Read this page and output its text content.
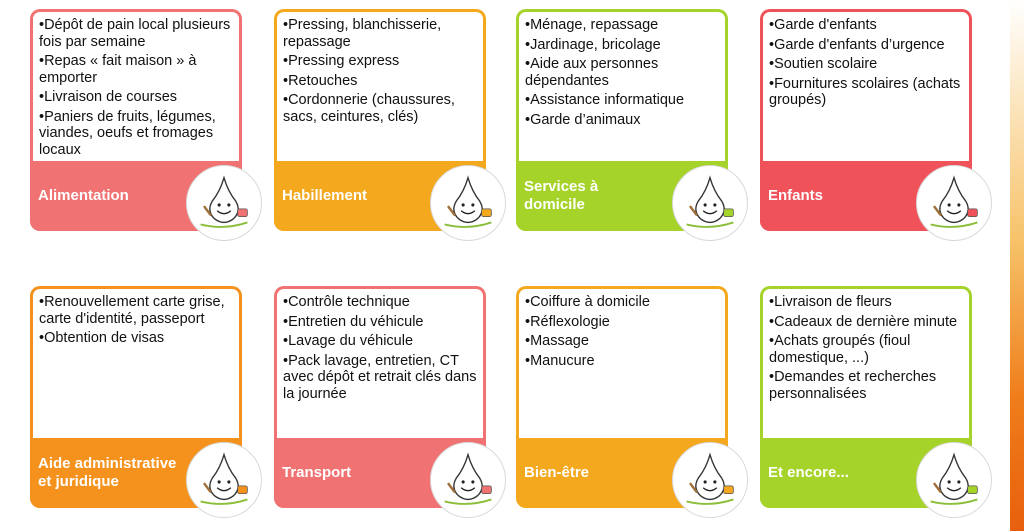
•Dépôt de pain local plusieurs fois par semaine
•Repas « fait maison » à emporter
•Livraison de courses
•Paniers de fruits, légumes, viandes, oeufs et fromages locaux
Alimentation
•Pressing, blanchisserie, repassage
•Pressing express
•Retouches
•Cordonnerie (chaussures, sacs, ceintures, clés)
Habillement
•Ménage, repassage
•Jardinage, bricolage
•Aide aux personnes dépendantes
•Assistance informatique
•Garde d’animaux
Services à domicile
•Garde d'enfants
•Garde d'enfants d’urgence
•Soutien scolaire
•Fournitures scolaires (achats groupés)
Enfants
•Renouvellement carte grise, carte d'identité, passeport
•Obtention de visas
Aide administrative et juridique
•Contrôle technique
•Entretien du véhicule
•Lavage du véhicule
•Pack lavage, entretien, CT avec dépôt et retrait clés dans la journée
Transport
•Coiffure à domicile
•Réflexologie
•Massage
•Manucure
Bien-être
•Livraison de fleurs
•Cadeaux de dernière minute
•Achats groupés (fioul domestique, ...)
•Demandes et recherches personnalisées
Et encore...
